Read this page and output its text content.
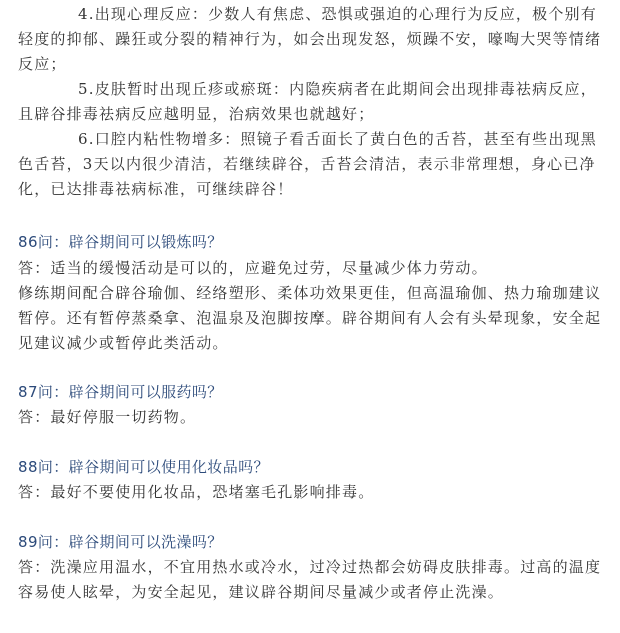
4.出现心理反应：少数人有焦虑、恐惧或强迫的心理行为反应，极个别有轻度的抑郁、躁狂或分裂的精神行为，如会出现发怒，烦躁不安，嚎啕大哭等情绪反应；

5.皮肤暂时出现丘疹或瘀斑：内隐疾病者在此期间会出现排毒祛病反应，且辟谷排毒祛病反应越明显，治病效果也就越好；

6.口腔内粘性物增多：照镜子看舌面长了黄白色的舌苔，甚至有些出现黑色舌苔，3天以内很少清洁，若继续辟谷，舌苔会清洁，表示非常理想，身心已净化，已达排毒祛病标准，可继续辟谷！

86问：辟谷期间可以锻炼吗？

答：适当的缓慢活动是可以的，应避免过劳，尽量减少体力劳动。

修练期间配合辟谷瑜伽、经络塑形、柔体功效果更佳，但高温瑜伽、热力瑜珈建议暂停。还有暂停蒸桑拿、泡温泉及泡脚按摩。辟谷期间有人会有头晕现象，安全起见建议减少或暂停此类活动。

87问：辟谷期间可以服药吗？

答：最好停服一切药物。

88问：辟谷期间可以使用化妆品吗？

答：最好不要使用化妆品，恐堵塞毛孔影响排毒。

89问：辟谷期间可以洗澡吗？

答：洗澡应用温水，不宜用热水或冷水，过冷过热都会妨碍皮肤排毒。过高的温度容易使人眩晕，为安全起见，建议辟谷期间尽量减少或者停止洗澡。
